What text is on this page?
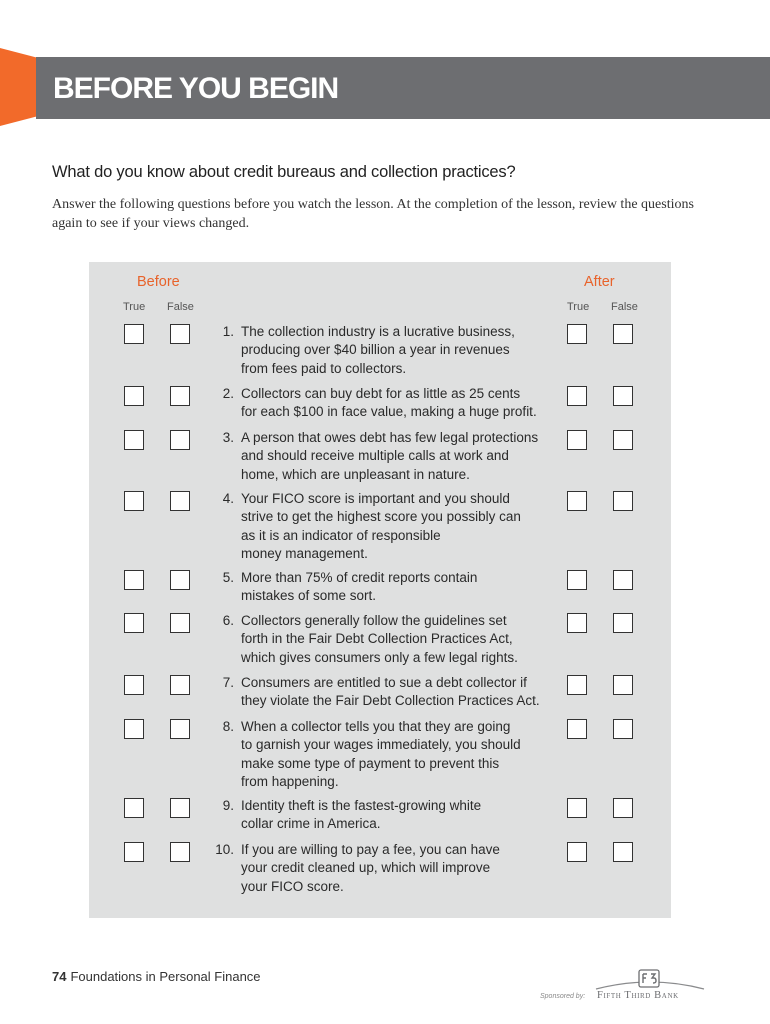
BEFORE YOU BEGIN
What do you know about credit bureaus and collection practices?

Answer the following questions before you watch the lesson. At the completion of the lesson, review the questions again to see if your views changed.

Before	After
True False	True False
1. The collection industry is a lucrative business,
producing over $40 billion a year in revenues
from fees paid to collectors.

2. Collectors can buy debt for as little as 25 cents
for each $100 in face value, making a huge profit.

3. A person that owes debt has few legal protections
and should receive multiple calls at work and
home, which are unpleasant in nature.

4. Your FICO score is important and you should
strive to get the highest score you possibly can
as it is an indicator of responsible
money management.

5. More than 75% of credit reports contain
mistakes of some sort.

6. Collectors generally follow the guidelines set
forth in the Fair Debt Collection Practices Act,
which gives consumers only a few legal rights.

7. Consumers are entitled to sue a debt collector if
they violate the Fair Debt Collection Practices Act.

8. When a collector tells you that they are going
to garnish your wages immediately, you should
make some type of payment to prevent this
from happening.

9. Identity theft is the fastest-growing white
collar crime in America.

10. If you are willing to pay a fee, you can have
your credit cleaned up, which will improve
your FICO score.

74 Foundations in Personal Finance
Sponsored by: Fifth Third Bank
